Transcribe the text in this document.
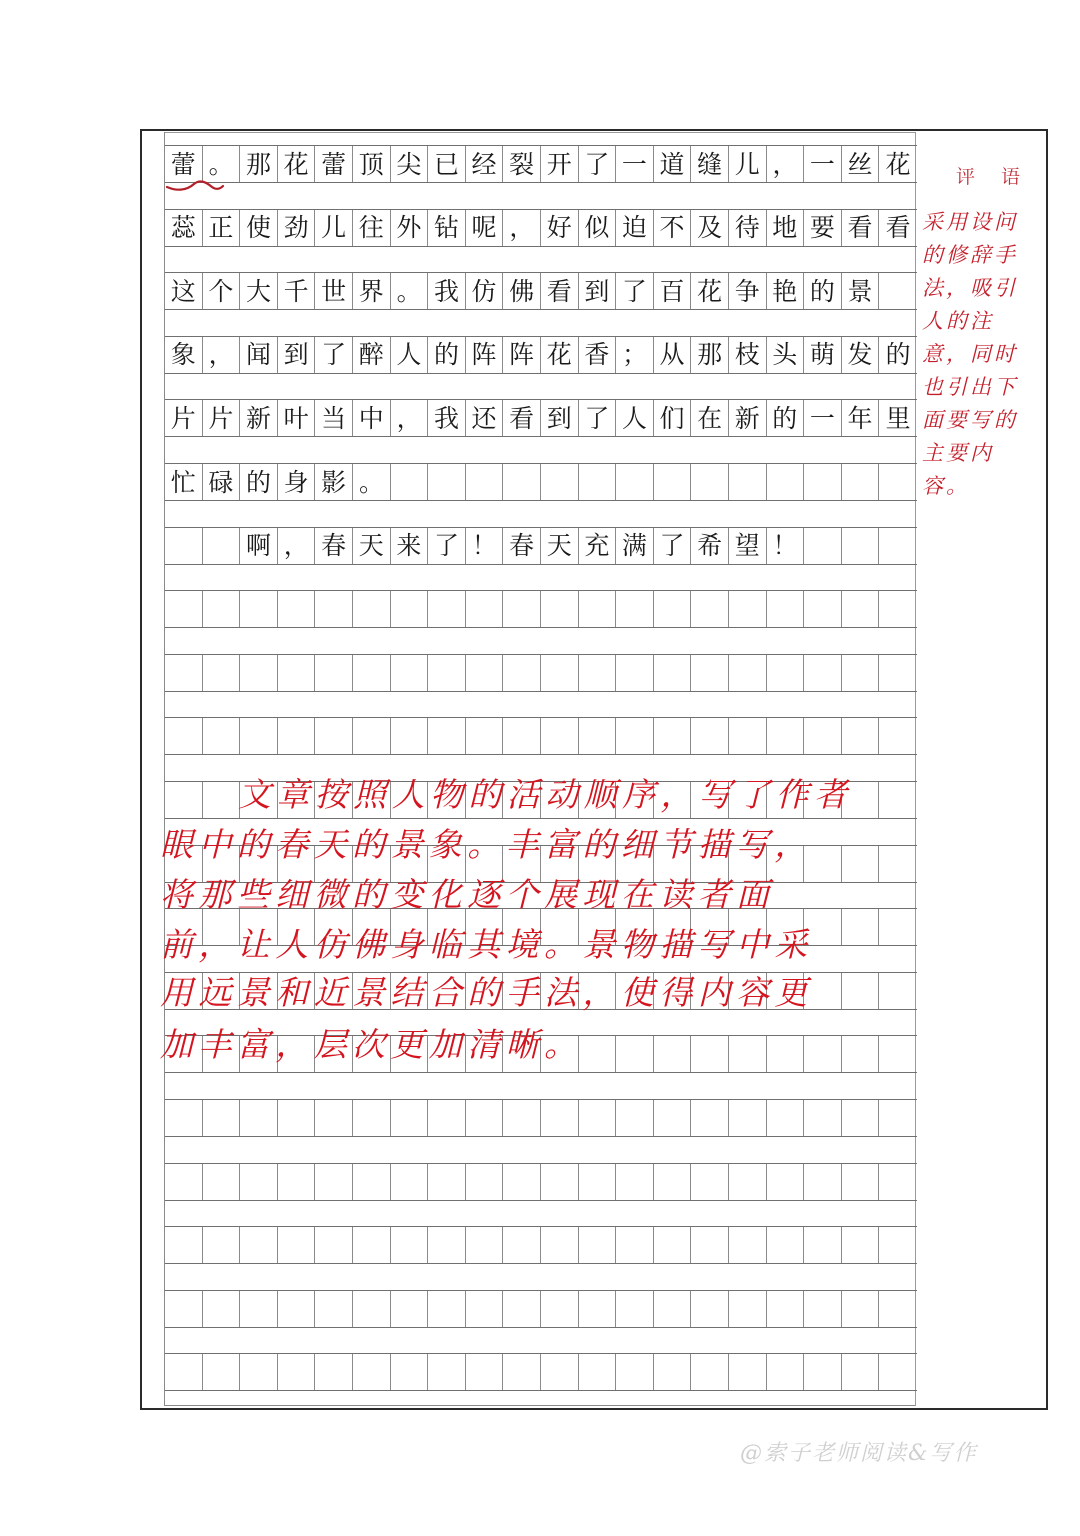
蕾 。 那 花 蕾 顶 尖 已 经 裂 开 了 一 道 缝 儿 ， 一 丝 花
蕊 正 使 劲 儿 往 外 钻 呢 ， 好 似 迫 不 及 待 地 要 看 看
这 个 大 千 世 界 。 我 仿 佛 看 到 了 百 花 争 艳 的 景
象 ， 闻 到 了 醉 人 的 阵 阵 花 香 ； 从 那 枝 头 萌 发 的
片 片 新 叶 当 中 ， 我 还 看 到 了 人 们 在 新 的 一 年 里
忙 碌 的 身 影 。
啊 ， 春 天 来 了 ！ 春 天 充 满 了 希 望 ！
评 语
采用设问
的修辞手
法，吸引
人的注
意，同时
也引出下
面要写的
主要内
容。
文章按照人物的活动顺序，写了作者
眼中的春天的景象。丰富的细节描写，
将那些细微的变化逐个展现在读者面
前，让人仿佛身临其境。景物描写中采
用远景和近景结合的手法，使得内容更
加丰富，层次更加清晰。
@索子老师阅读&写作
